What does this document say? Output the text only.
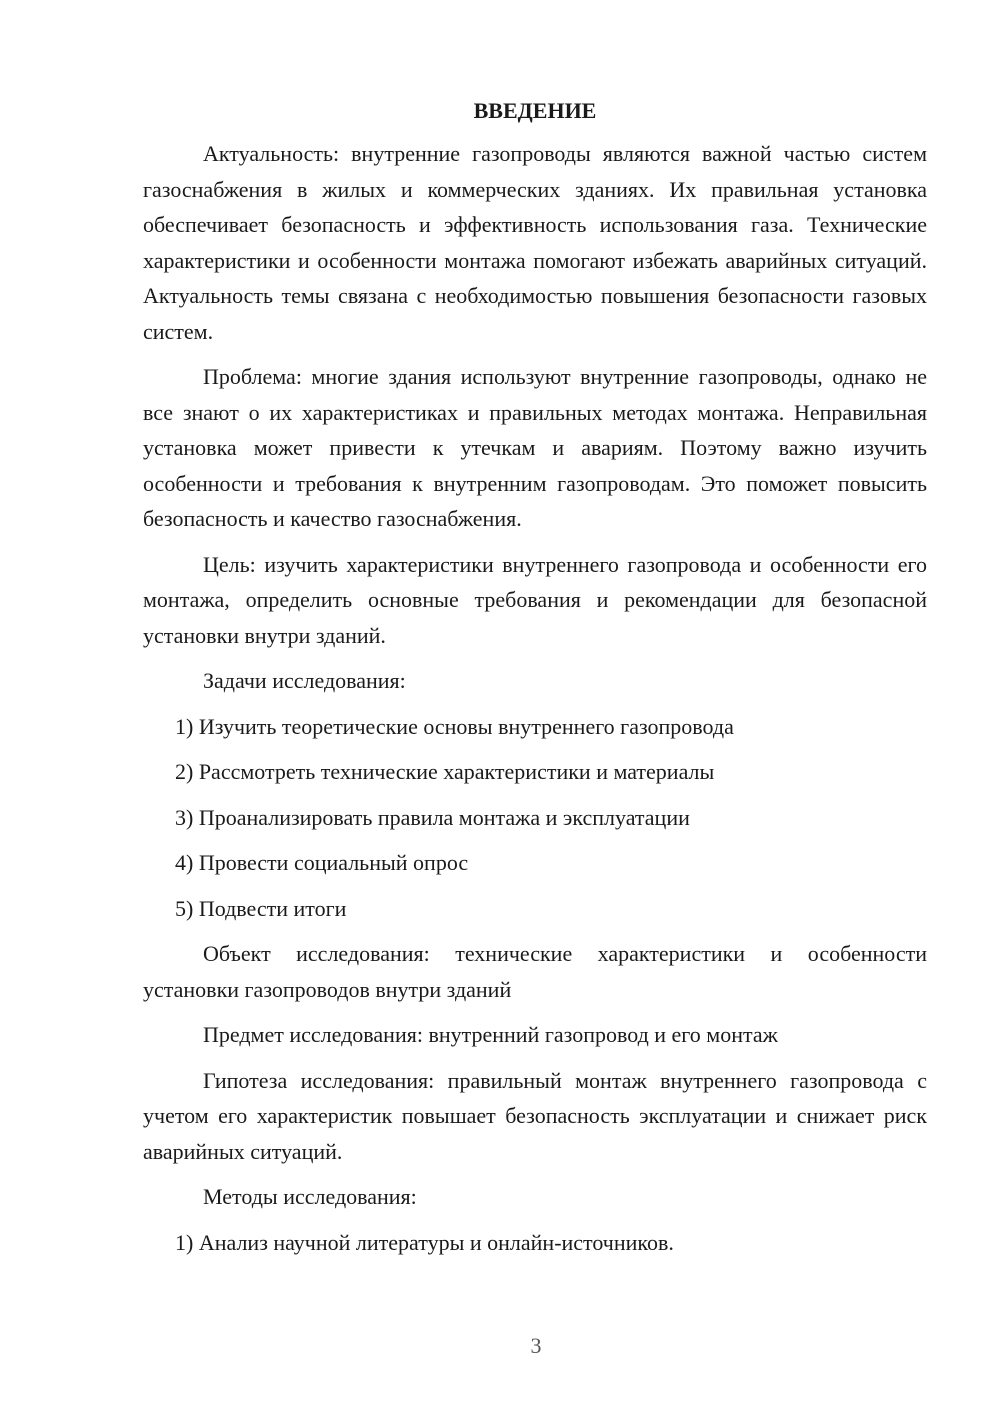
ВВЕДЕНИЕ

Актуальность: внутренние газопроводы являются важной частью систем газоснабжения в жилых и коммерческих зданиях. Их правильная установка обеспечивает безопасность и эффективность использования газа. Технические характеристики и особенности монтажа помогают избежать аварийных ситуаций. Актуальность темы связана с необходимостью повышения безопасности газовых систем.

Проблема: многие здания используют внутренние газопроводы, однако не все знают о их характеристиках и правильных методах монтажа. Неправильная установка может привести к утечкам и авариям. Поэтому важно изучить особенности и требования к внутренним газопроводам. Это поможет повысить безопасность и качество газоснабжения.

Цель: изучить характеристики внутреннего газопровода и особенности его монтажа, определить основные требования и рекомендации для безопасной установки внутри зданий.

Задачи исследования:

1) Изучить теоретические основы внутреннего газопровода

2) Рассмотреть технические характеристики и материалы

3) Проанализировать правила монтажа и эксплуатации

4) Провести социальный опрос

5) Подвести итоги

Объект исследования: технические характеристики и особенности установки газопроводов внутри зданий

Предмет исследования: внутренний газопровод и его монтаж

Гипотеза исследования: правильный монтаж внутреннего газопровода с учетом его характеристик повышает безопасность эксплуатации и снижает риск аварийных ситуаций.

Методы исследования:

1) Анализ научной литературы и онлайн-источников.

3
